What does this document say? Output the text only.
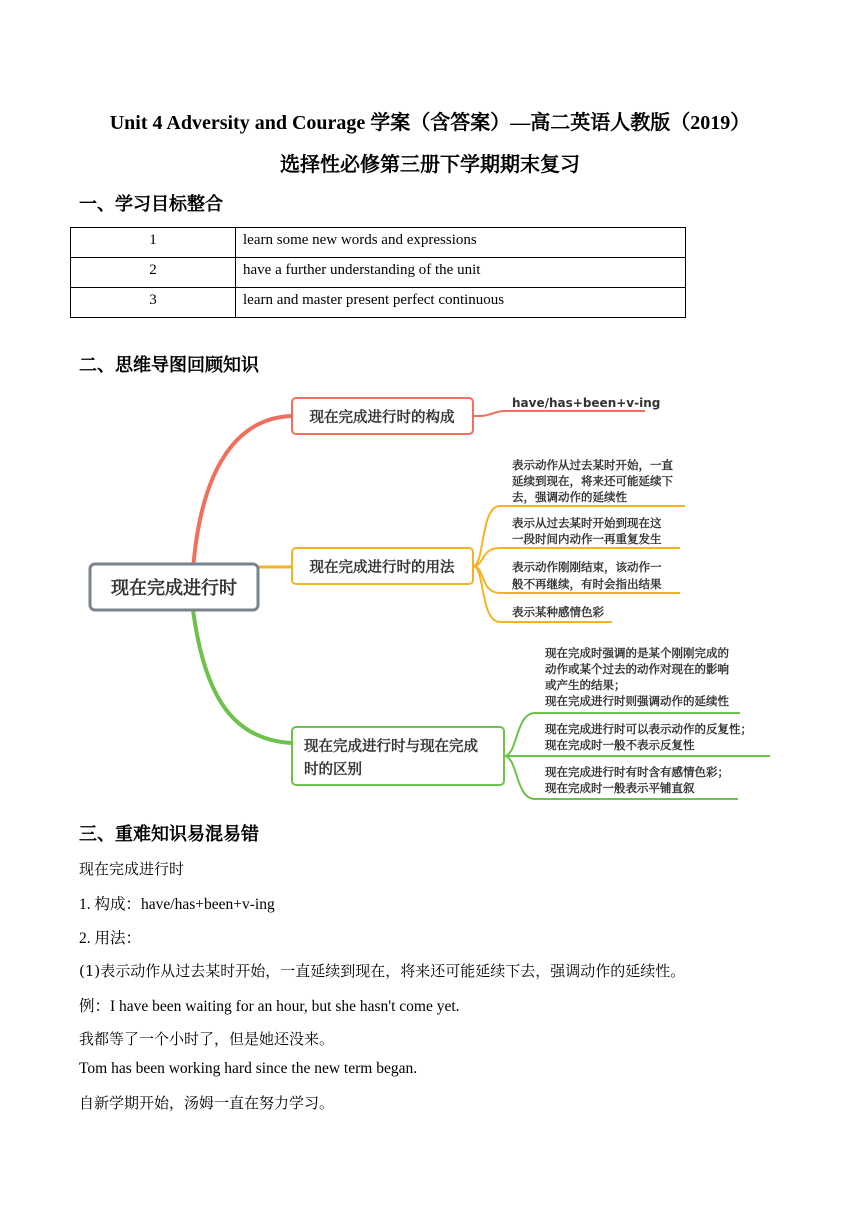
Unit 4 Adversity and Courage 学案（含答案）—高二英语人教版（2019）
选择性必修第三册下学期期末复习
一、学习目标整合
1	learn some new words and expressions
2	have a further understanding of the unit
3	learn and master present perfect continuous
二、思维导图回顾知识
现在完成进行时
现在完成进行时的构成
have/has+been+v-ing
现在完成进行时的用法
表示动作从过去某时开始，一直
延续到现在，将来还可能延续下
去，强调动作的延续性
表示从过去某时开始到现在这
一段时间内动作一再重复发生
表示动作刚刚结束，该动作一
般不再继续，有时会指出结果
表示某种感情色彩
现在完成进行时与现在完成
时的区别
现在完成时强调的是某个刚刚完成的
动作或某个过去的动作对现在的影响
或产生的结果；
现在完成进行时则强调动作的延续性
现在完成进行时可以表示动作的反复性；
现在完成时一般不表示反复性
现在完成进行时有时含有感情色彩；
现在完成时一般表示平铺直叙
三、重难知识易混易错
现在完成进行时
1. 构成：have/has+been+v-ing
2. 用法：
(1)表示动作从过去某时开始，一直延续到现在，将来还可能延续下去，强调动作的延续性。
例：I have been waiting for an hour, but she hasn't come yet.
我都等了一个小时了，但是她还没来。
Tom has been working hard since the new term began.
自新学期开始，汤姆一直在努力学习。
